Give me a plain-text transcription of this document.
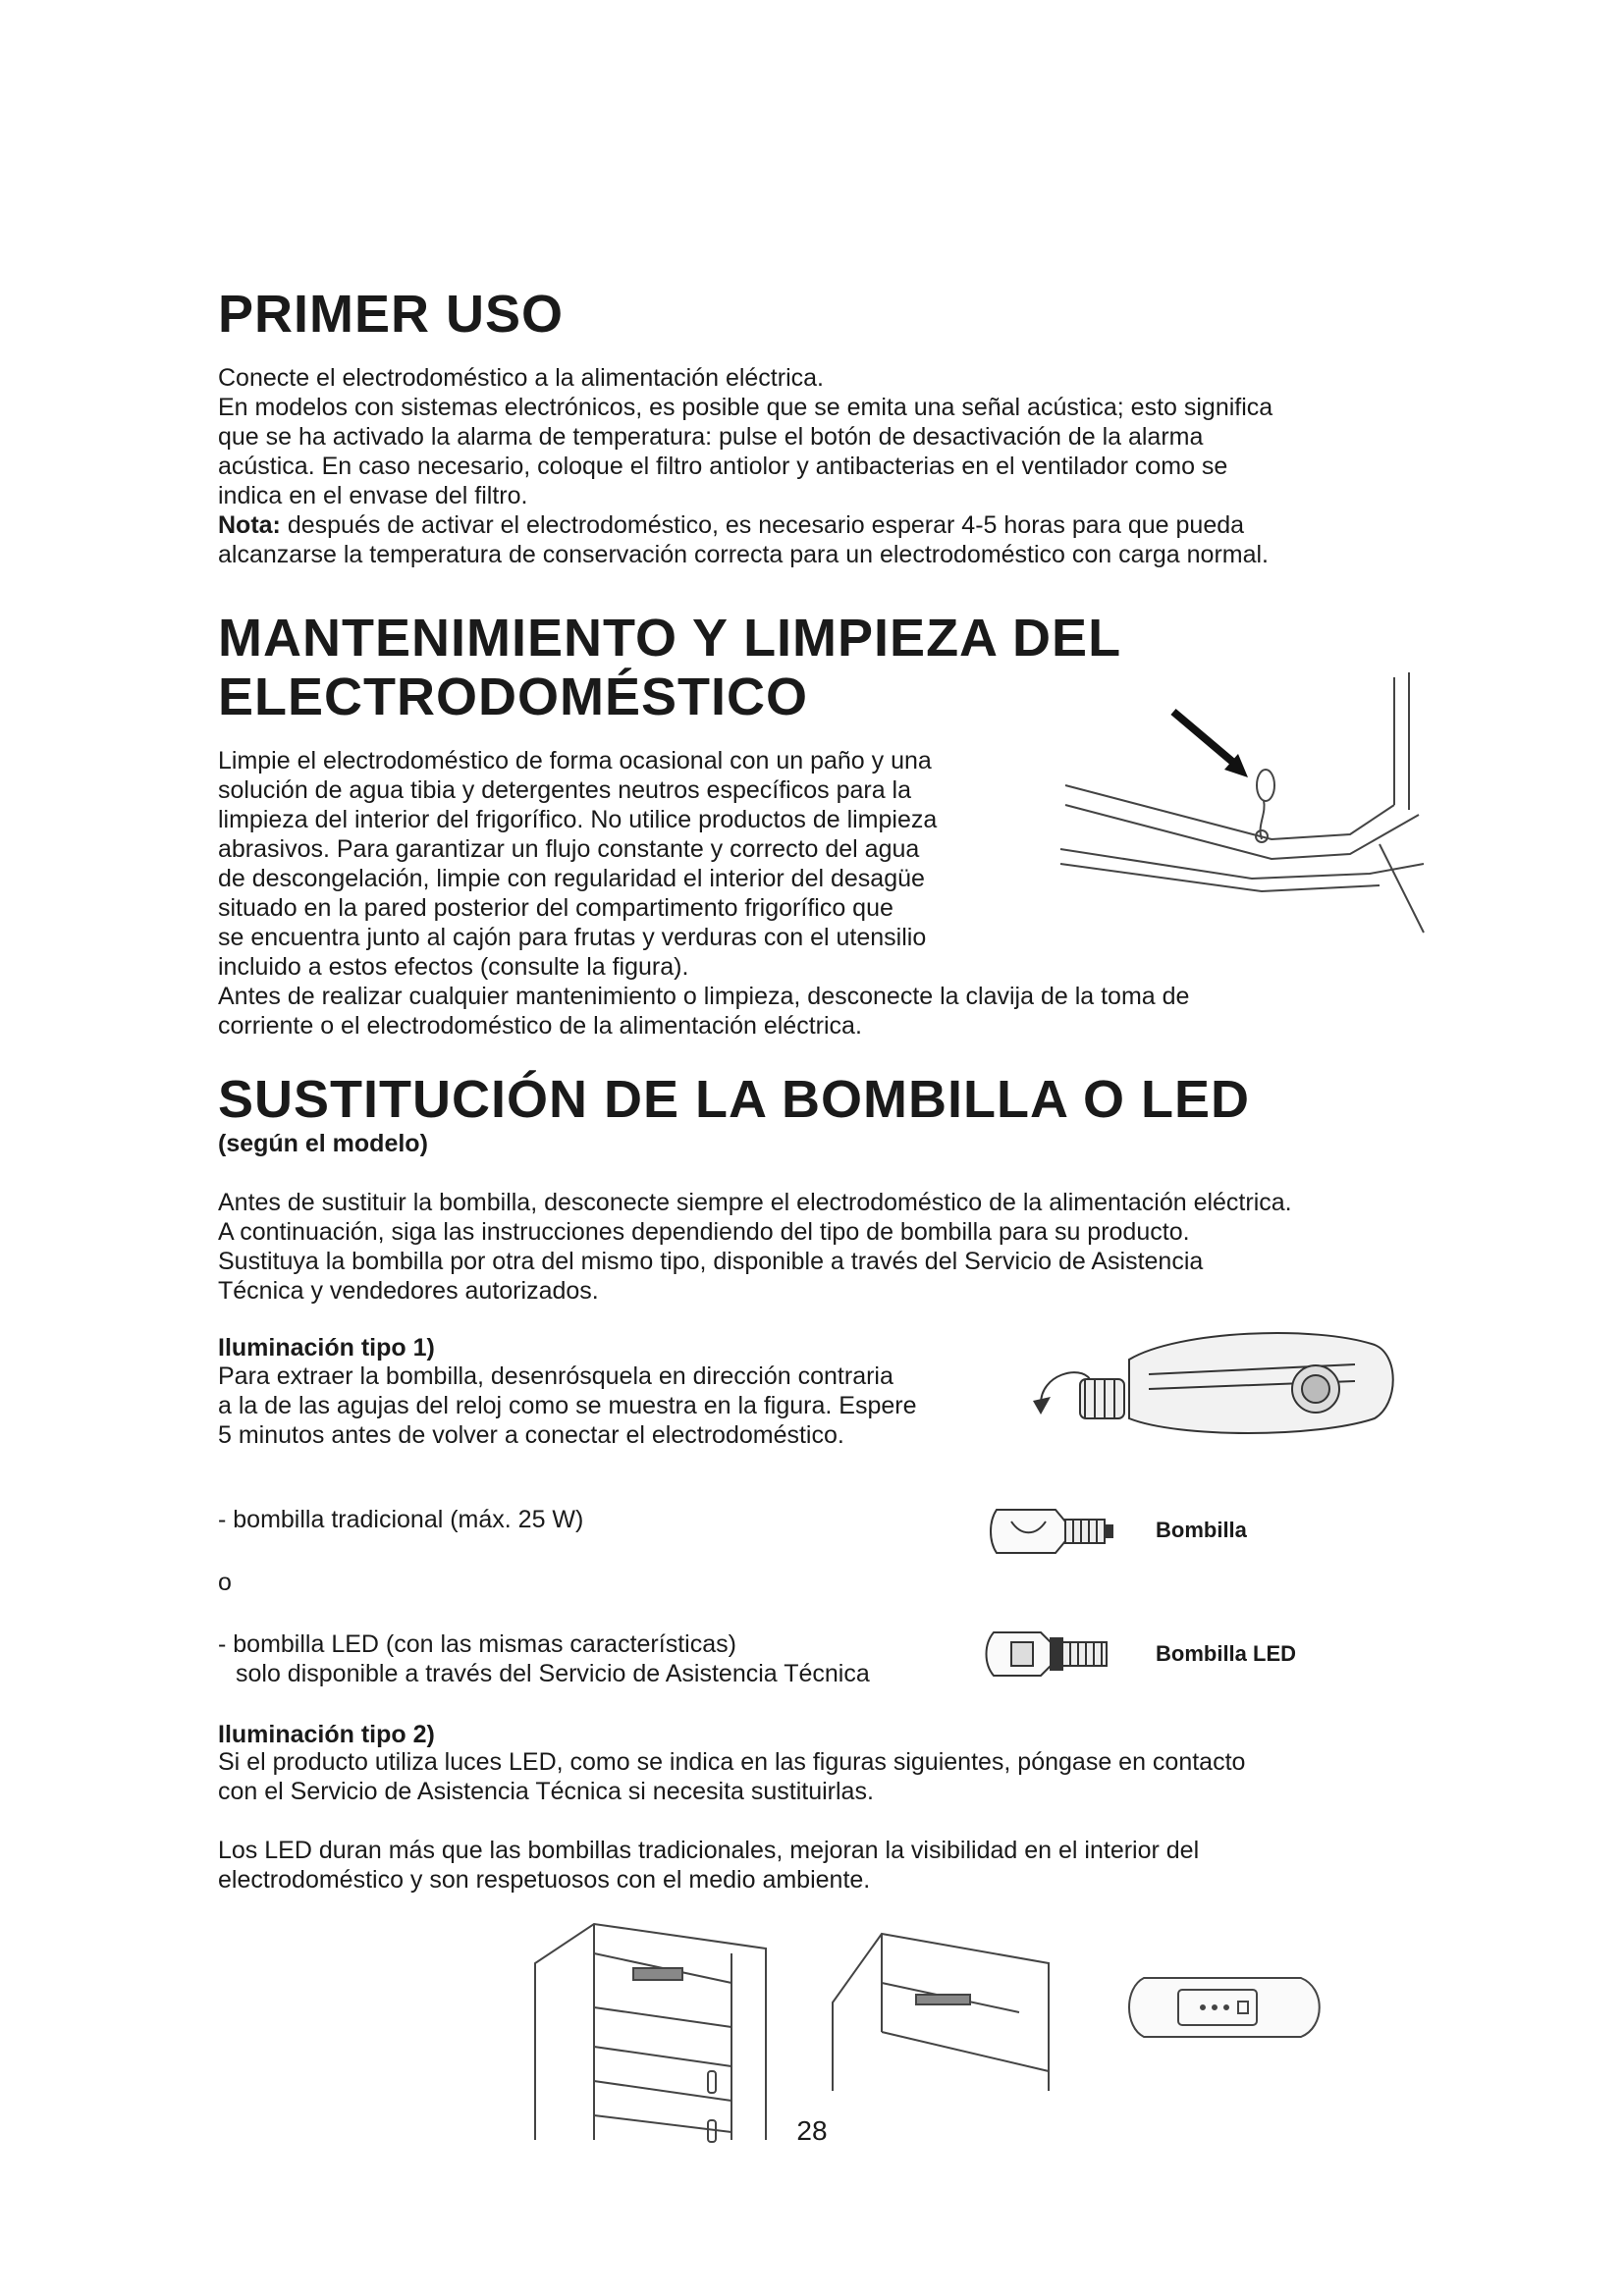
PRIMER USO
Conecte el electrodoméstico a la alimentación eléctrica.
En modelos con sistemas electrónicos, es posible que se emita una señal acústica; esto significa
que se ha activado la alarma de temperatura: pulse el botón de desactivación de la alarma
acústica. En caso necesario, coloque el filtro antiolor y antibacterias en el ventilador como se
indica en el envase del filtro.
Nota: después de activar el electrodoméstico, es necesario esperar 4-5 horas para que pueda
alcanzarse la temperatura de conservación correcta para un electrodoméstico con carga normal.
MANTENIMIENTO Y LIMPIEZA DEL
ELECTRODOMÉSTICO
Limpie el electrodoméstico de forma ocasional con un paño y una
solución de agua tibia y detergentes neutros específicos para la
limpieza del interior del frigorífico. No utilice productos de limpieza
abrasivos. Para garantizar un flujo constante y correcto del agua
de descongelación, limpie con regularidad el interior del desagüe
situado en la pared posterior del compartimento frigorífico que
se encuentra junto al cajón para frutas y verduras con el utensilio
incluido a estos efectos (consulte la figura).
Antes de realizar cualquier mantenimiento o limpieza, desconecte la clavija de la toma de
corriente o el electrodoméstico de la alimentación eléctrica.
SUSTITUCIÓN DE LA BOMBILLA O LED
(según el modelo)
Antes de sustituir la bombilla, desconecte siempre el electrodoméstico de la alimentación eléctrica.
A continuación, siga las instrucciones dependiendo del tipo de bombilla para su producto.
Sustituya la bombilla por otra del mismo tipo, disponible a través del Servicio de Asistencia
Técnica y vendedores autorizados.
Iluminación tipo 1)
Para extraer la bombilla, desenrósquela en dirección contraria
a la de las agujas del reloj como se muestra en la figura. Espere
5 minutos antes de volver a conectar el electrodoméstico.
- bombilla tradicional (máx. 25 W)
o
- bombilla LED (con las mismas características)
solo disponible a través del Servicio de Asistencia Técnica
Bombilla
Bombilla LED
Iluminación tipo 2)
Si el producto utiliza luces LED, como se indica en las figuras siguientes, póngase en contacto
con el Servicio de Asistencia Técnica si necesita sustituirlas.
Los LED duran más que las bombillas tradicionales, mejoran la visibilidad en el interior del
electrodoméstico y son respetuosos con el medio ambiente.
28
